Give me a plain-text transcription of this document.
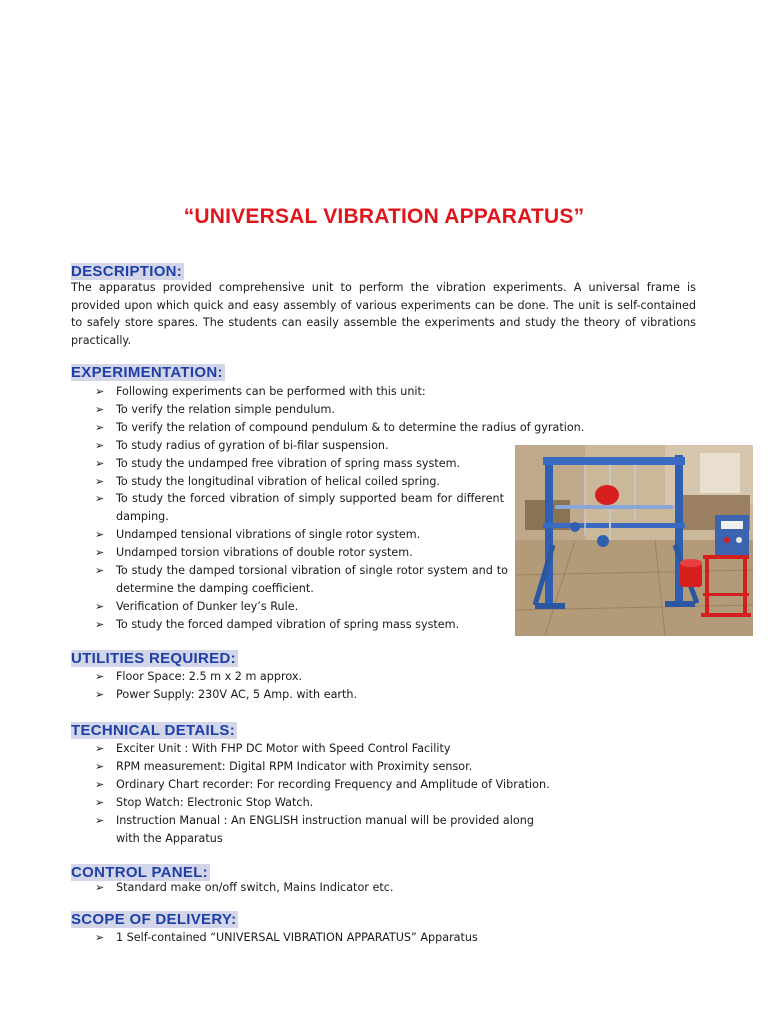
“UNIVERSAL VIBRATION APPARATUS”
DESCRIPTION:
The apparatus provided comprehensive unit to perform the vibration experiments. A universal frame is provided upon which quick and easy assembly of various experiments can be done. The unit is self-contained to safely store spares. The students can easily assemble the experiments and study the theory of vibrations practically.
EXPERIMENTATION:
➢ Following experiments can be performed with this unit:
➢ To verify the relation simple pendulum.
➢ To verify the relation of compound pendulum & to determine the radius of gyration.
➢ To study radius of gyration of bi-filar suspension.
➢ To study the undamped free vibration of spring mass system.
➢ To study the longitudinal vibration of helical coiled spring.
➢ To study the forced vibration of simply supported beam for different damping.
➢ Undamped tensional vibrations of single rotor system.
➢ Undamped torsion vibrations of double rotor system.
➢ To study the damped torsional vibration of single rotor system and to determine the damping coefficient.
➢ Verification of Dunker ley’s Rule.
➢ To study the forced damped vibration of spring mass system.
UTILITIES REQUIRED:
➢ Floor Space: 2.5 m x 2 m approx.
➢ Power Supply: 230V AC, 5 Amp. with earth.
TECHNICAL DETAILS:
➢ Exciter Unit : With FHP DC Motor with Speed Control Facility
➢ RPM measurement: Digital RPM Indicator with Proximity sensor.
➢ Ordinary Chart recorder: For recording Frequency and Amplitude of Vibration.
➢ Stop Watch: Electronic Stop Watch.
➢ Instruction Manual : An ENGLISH instruction manual will be provided along with the Apparatus
CONTROL PANEL:
➢ Standard make on/off switch, Mains Indicator etc.
SCOPE OF DELIVERY:
➢ 1 Self-contained “UNIVERSAL VIBRATION APPARATUS” Apparatus
